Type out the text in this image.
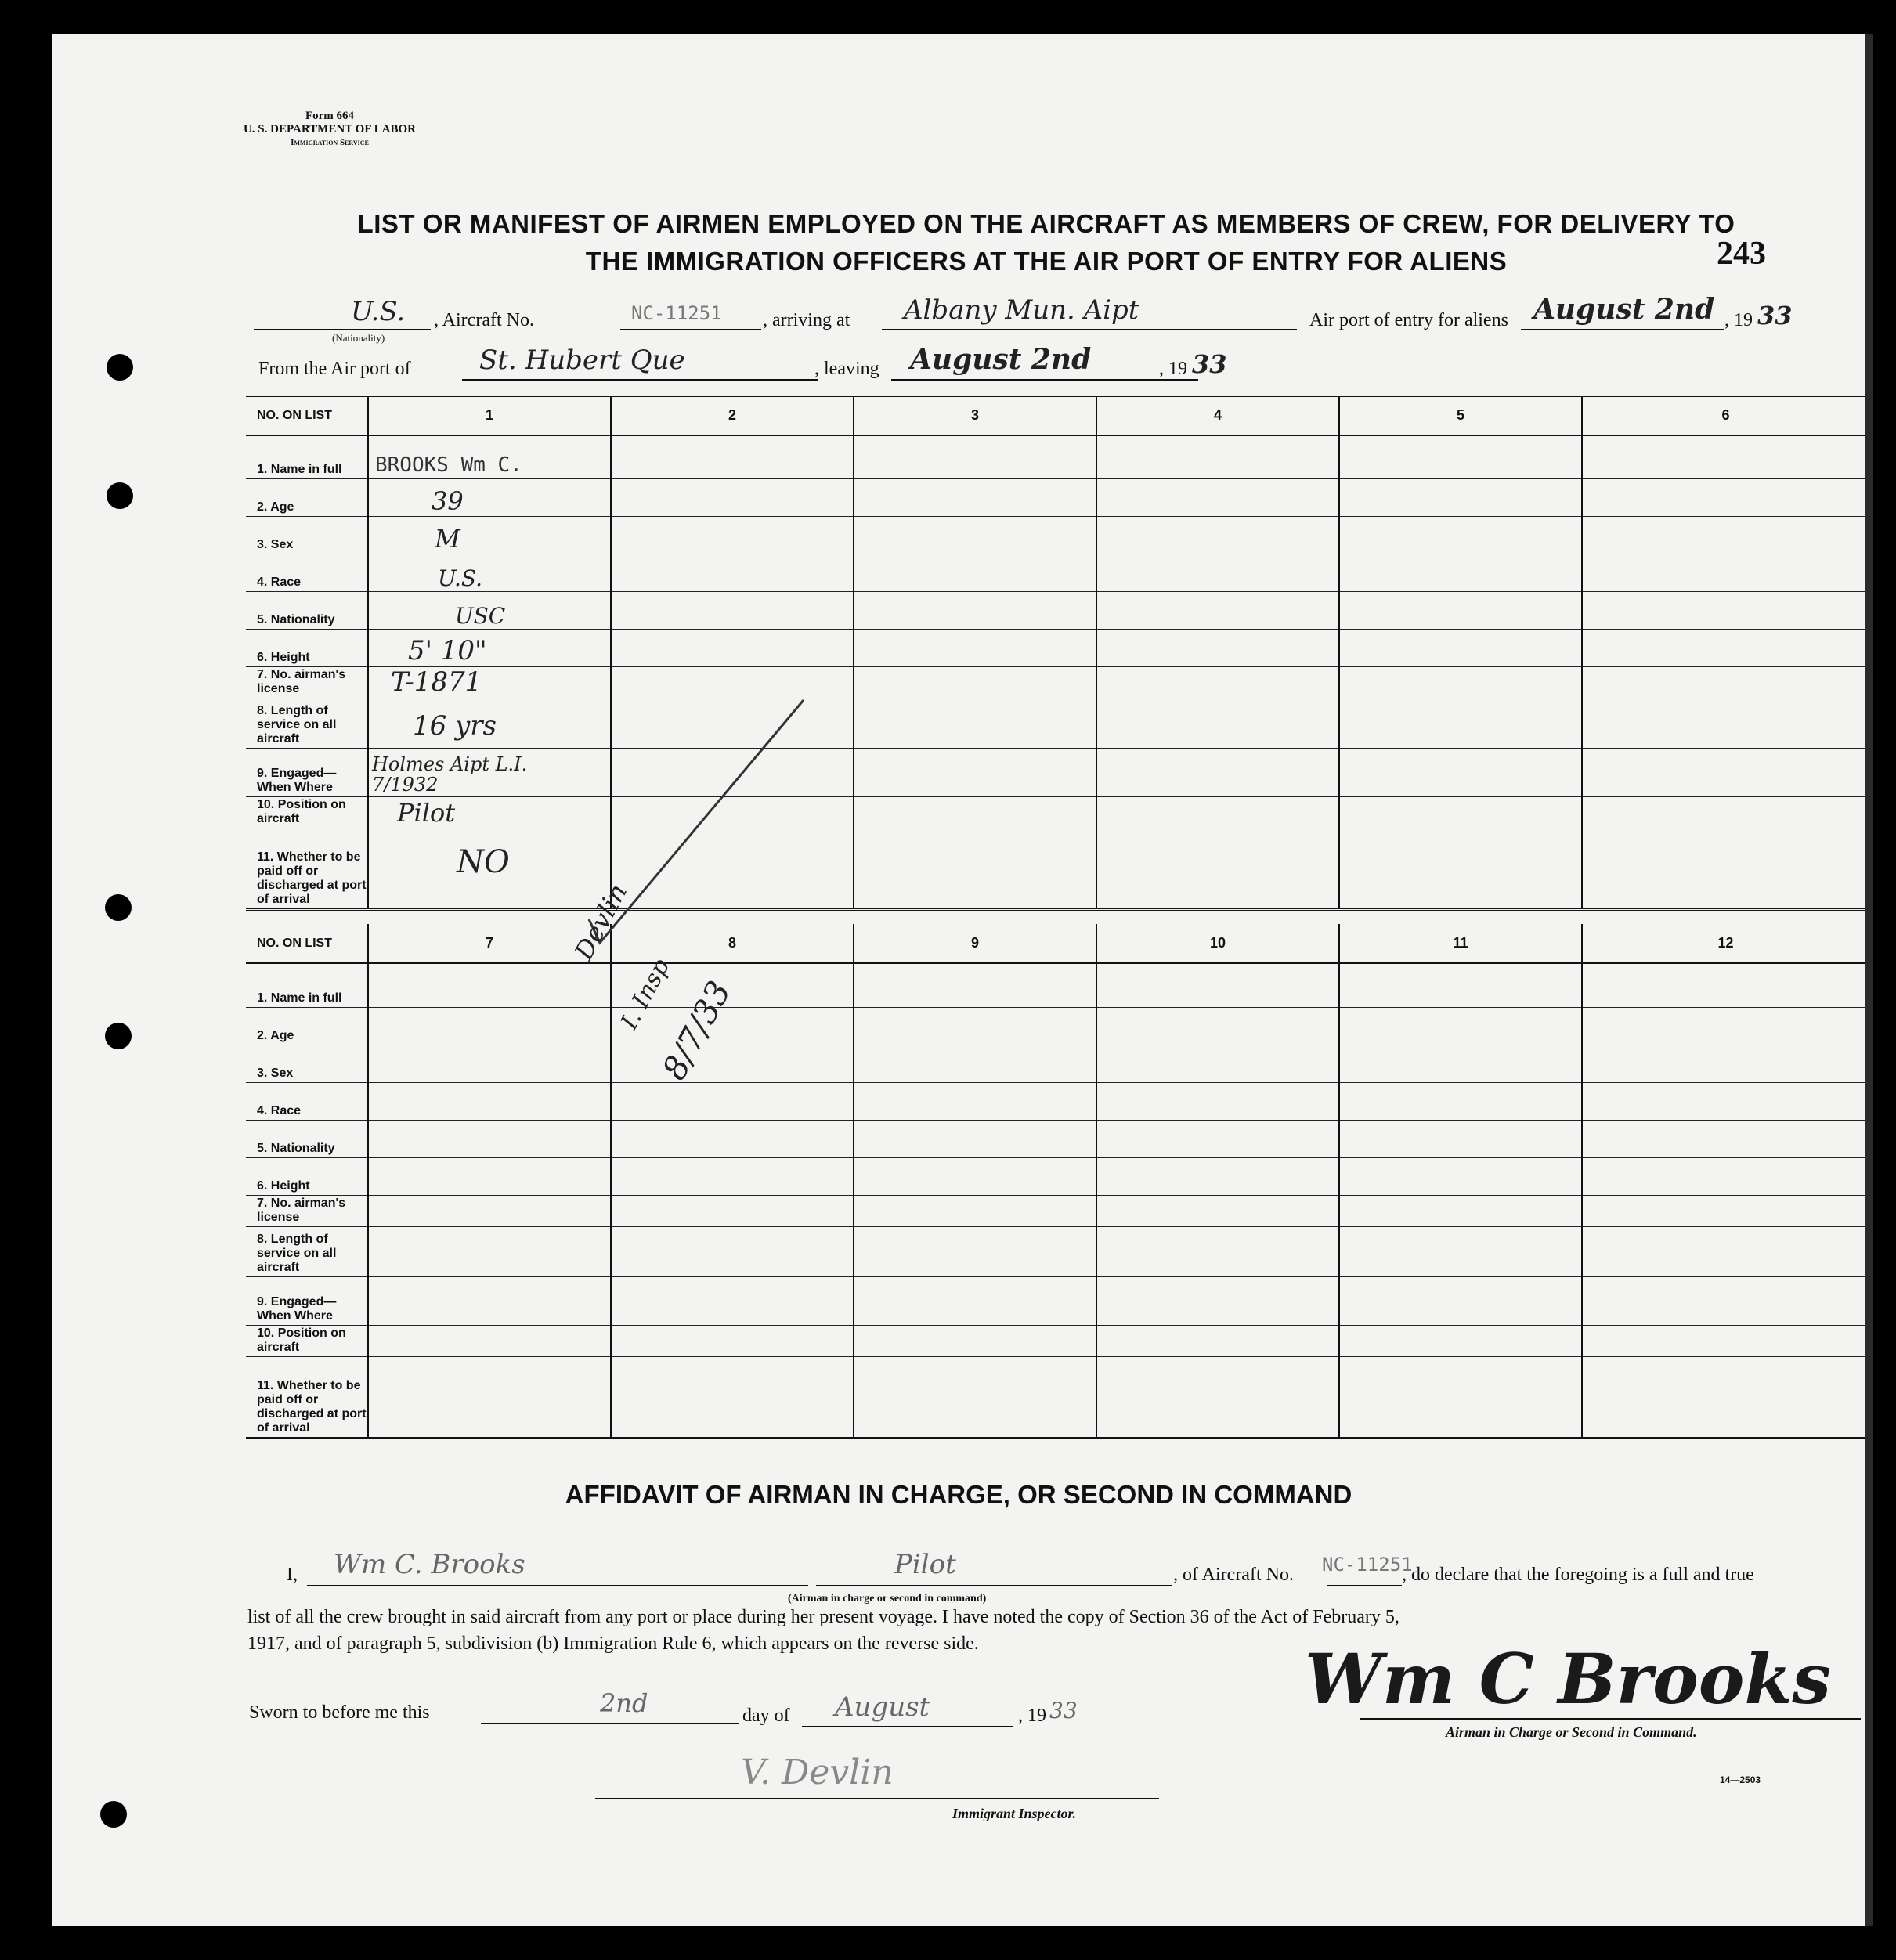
Form 664
U. S. DEPARTMENT OF LABOR
Immigration Service
LIST OR MANIFEST OF AIRMEN EMPLOYED ON THE AIRCRAFT AS MEMBERS OF CREW, FOR DELIVERY TO
THE IMMIGRATION OFFICERS AT THE AIR PORT OF ENTRY FOR ALIENS	243
U.S.
(Nationality)
, Aircraft No.	NC-11251 , arriving at Albany Mun. Aipt	Air port of entry for aliens August 2nd , 19 33
From the Air port of	St. Hubert Que	, leaving August 2nd	, 19 33
NO. ON LIST	1	2	3	4	5	6
1. Name in full	BROOKS Wm C.					

2. Age	39					

3. Sex	M					

4. Race	U.S.					

5. Nationality	USC					

6. Height	5' 10"					

7. No. airman's license	T-1871					

8. Length of service on all aircraft	16 yrs					

9. Engaged— When Where	Holmes Aipt L.I. 7/1932					

10. Position on aircraft	Pilot					

11. Whether to be paid off or discharged at port of arrival	NO					

NO. ON LIST	7	8	9	10	11	12
1. Name in full						
2. Age						
3. Sex						
4. Race						
5. Nationality						
6. Height						
7. No. airman's license						
8. Length of service on all aircraft						
9. Engaged— When Where						
10. Position on aircraft						
11. Whether to be paid off or discharged at port of arrival						
Devlin
I. Insp
8/7/33
AFFIDAVIT OF AIRMAN IN CHARGE, OR SECOND IN COMMAND
I, Wm C. Brooks	Pilot
(Airman in charge or second in command)
, of Aircraft No. NC-11251
, do declare that the foregoing is a full and true
list of all the crew brought in said aircraft from any port or place during her present voyage. I have noted the copy of Section 36 of the Act of February 5,
1917, and of paragraph 5, subdivision (b) Immigration Rule 6, which appears on the reverse side.
Sworn to before me this	2nd	day of August	, 19 33	Wm C Brooks
Airman in Charge or Second in Command.
V. Devlin
Immigrant Inspector.
14—2503
